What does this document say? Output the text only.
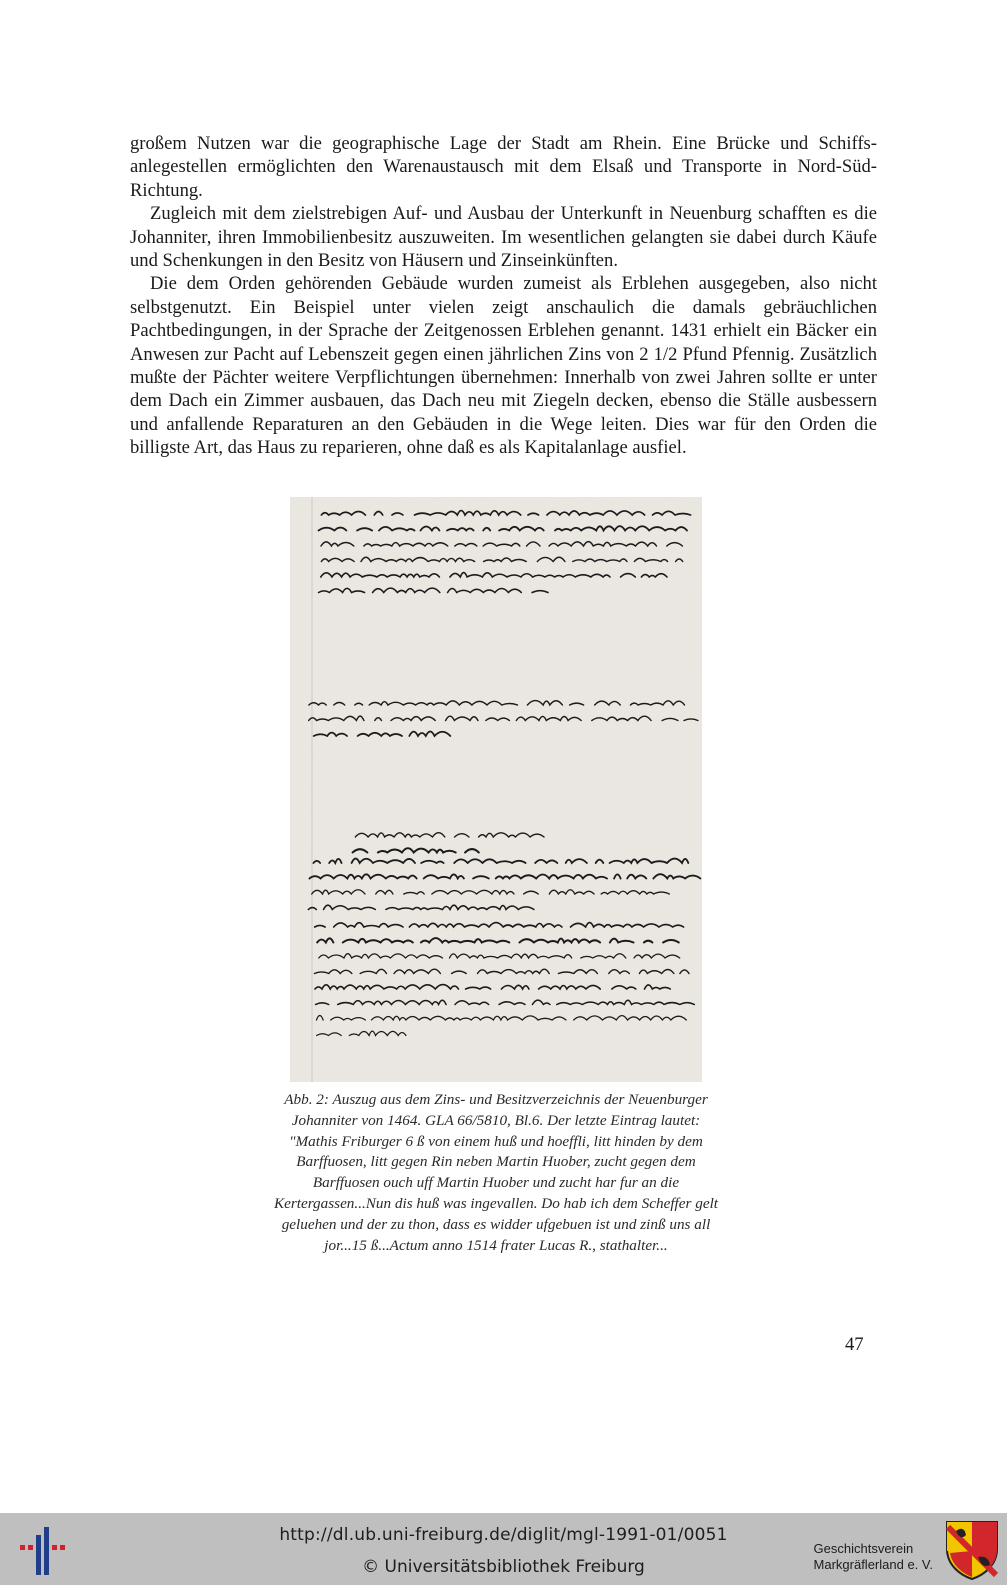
großem Nutzen war die geographische Lage der Stadt am Rhein. Eine Brücke und Schiffs-anlegestellen ermöglichten den Warenaustausch mit dem Elsaß und Transporte in Nord-Süd-Richtung.

Zugleich mit dem zielstrebigen Auf- und Ausbau der Unterkunft in Neuenburg schafften es die Johanniter, ihren Immobilienbesitz auszuweiten. Im wesentlichen gelangten sie dabei durch Käufe und Schenkungen in den Besitz von Häusern und Zinseinkünften.

Die dem Orden gehörenden Gebäude wurden zumeist als Erblehen ausgegeben, also nicht selbstgenutzt. Ein Beispiel unter vielen zeigt anschaulich die damals gebräuchlichen Pachtbedingungen, in der Sprache der Zeitgenossen Erblehen genannt. 1431 erhielt ein Bäcker ein Anwesen zur Pacht auf Lebenszeit gegen einen jährlichen Zins von 2 1/2 Pfund Pfennig. Zusätzlich mußte der Pächter weitere Verpflichtungen übernehmen: Innerhalb von zwei Jahren sollte er unter dem Dach ein Zimmer ausbauen, das Dach neu mit Ziegeln decken, ebenso die Ställe ausbessern und anfallende Reparaturen an den Gebäuden in die Wege leiten. Dies war für den Orden die billigste Art, das Haus zu reparieren, ohne daß es als Kapitalanlage ausfiel.

Abb. 2: Auszug aus dem Zins- und Besitzverzeichnis der Neuenburger Johanniter von 1464. GLA 66/5810, Bl.6. Der letzte Eintrag lautet: "Mathis Friburger 6 ß von einem huß und hoeffli, litt hinden by dem Barffuosen, litt gegen Rin neben Martin Huober, zucht gegen dem Barffuosen ouch uff Martin Huober und zucht har fur an die Kertergassen...Nun dis huß was ingevallen. Do hab ich dem Scheffer gelt geluehen und der zu thon, dass es widder ufgebuen ist und zinß uns all jor...15 ß...Actum anno 1514 frater Lucas R., stathalter...
47
http://dl.ub.uni-freiburg.de/diglit/mgl-1991-01/0051
© Universitätsbibliothek Freiburg
Geschichtsverein
Markgräflerland e. V.
